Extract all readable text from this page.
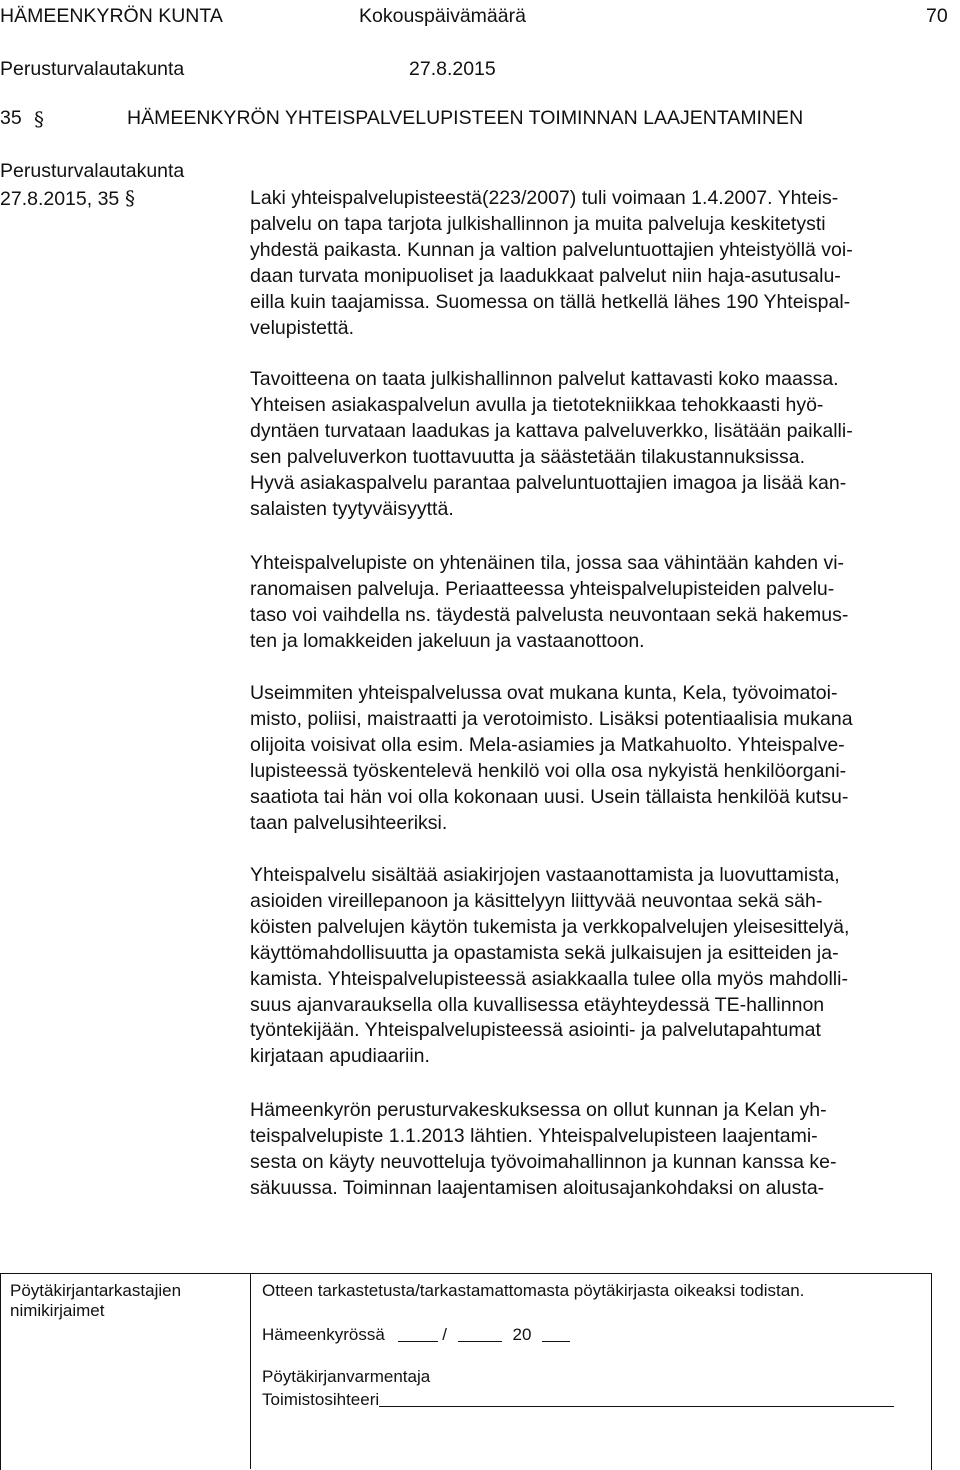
HÄMEENKYRÖN KUNTA	Kokouspäivämäärä	70
Perusturvalautakunta	27.8.2015
35 §	HÄMEENKYRÖN YHTEISPALVELUPISTEEN TOIMINNAN LAAJENTAMINEN
Perusturvalautakunta
27.8.2015, 35 §	Laki yhteispalvelupisteestä(223/2007) tuli voimaan 1.4.2007. Yhteis-
palvelu on tapa tarjota julkishallinnon ja muita palveluja keskitetysti
yhdestä paikasta. Kunnan ja valtion palveluntuottajien yhteistyöllä voi-
daan turvata monipuoliset ja laadukkaat palvelut niin haja-asutusalu-
eilla kuin taajamissa. Suomessa on tällä hetkellä lähes 190 Yhteispal-
velupistettä.
Tavoitteena on taata julkishallinnon palvelut kattavasti koko maassa.
Yhteisen asiakaspalvelun avulla ja tietotekniikkaa tehokkaasti hyö-
dyntäen turvataan laadukas ja kattava palveluverkko, lisätään paikalli-
sen palveluverkon tuottavuutta ja säästetään tilakustannuksissa.
Hyvä asiakaspalvelu parantaa palveluntuottajien imagoa ja lisää kan-
salaisten tyytyväisyyttä.
Yhteispalvelupiste on yhtenäinen tila, jossa saa vähintään kahden vi-
ranomaisen palveluja. Periaatteessa yhteispalvelupisteiden palvelu-
taso voi vaihdella ns. täydestä palvelusta neuvontaan sekä hakemus-
ten ja lomakkeiden jakeluun ja vastaanottoon.
Useimmiten yhteispalvelussa ovat mukana kunta, Kela, työvoimatoi-
misto, poliisi, maistraatti ja verotoimisto. Lisäksi potentiaalisia mukana
olijoita voisivat olla esim. Mela-asiamies ja Matkahuolto. Yhteispalve-
lupisteessä työskentelevä henkilö voi olla osa nykyistä henkilöorgani-
saatiota tai hän voi olla kokonaan uusi. Usein tällaista henkilöä kutsu-
taan palvelusihteeriksi.
Yhteispalvelu sisältää asiakirjojen vastaanottamista ja luovuttamista,
asioiden vireillepanoon ja käsittelyyn liittyvää neuvontaa sekä säh-
köisten palvelujen käytön tukemista ja verkkopalvelujen yleisesittelyä,
käyttömahdollisuutta ja opastamista sekä julkaisujen ja esitteiden ja-
kamista. Yhteispalvelupisteessä asiakkaalla tulee olla myös mahdolli-
suus ajanvarauksella olla kuvallisessa etäyhteydessä TE-hallinnon
työntekijään. Yhteispalvelupisteessä asiointi- ja palvelutapahtumat
kirjataan apudiaariin.
Hämeenkyrön perusturvakeskuksessa on ollut kunnan ja Kelan yh-
teispalvelupiste 1.1.2013 lähtien. Yhteispalvelupisteen laajentami-
sesta on käyty neuvotteluja työvoimahallinnon ja kunnan kanssa ke-
säkuussa. Toiminnan laajentamisen aloitusajankohdaksi on alusta-
Pöytäkirjantarkastajien
nimikirjaimet
Otteen tarkastetusta/tarkastamattomasta pöytäkirjasta oikeaksi todistan.
Hämeenkyrössä	/	20
Pöytäkirjanvarmentaja
Toimistosihteeri
